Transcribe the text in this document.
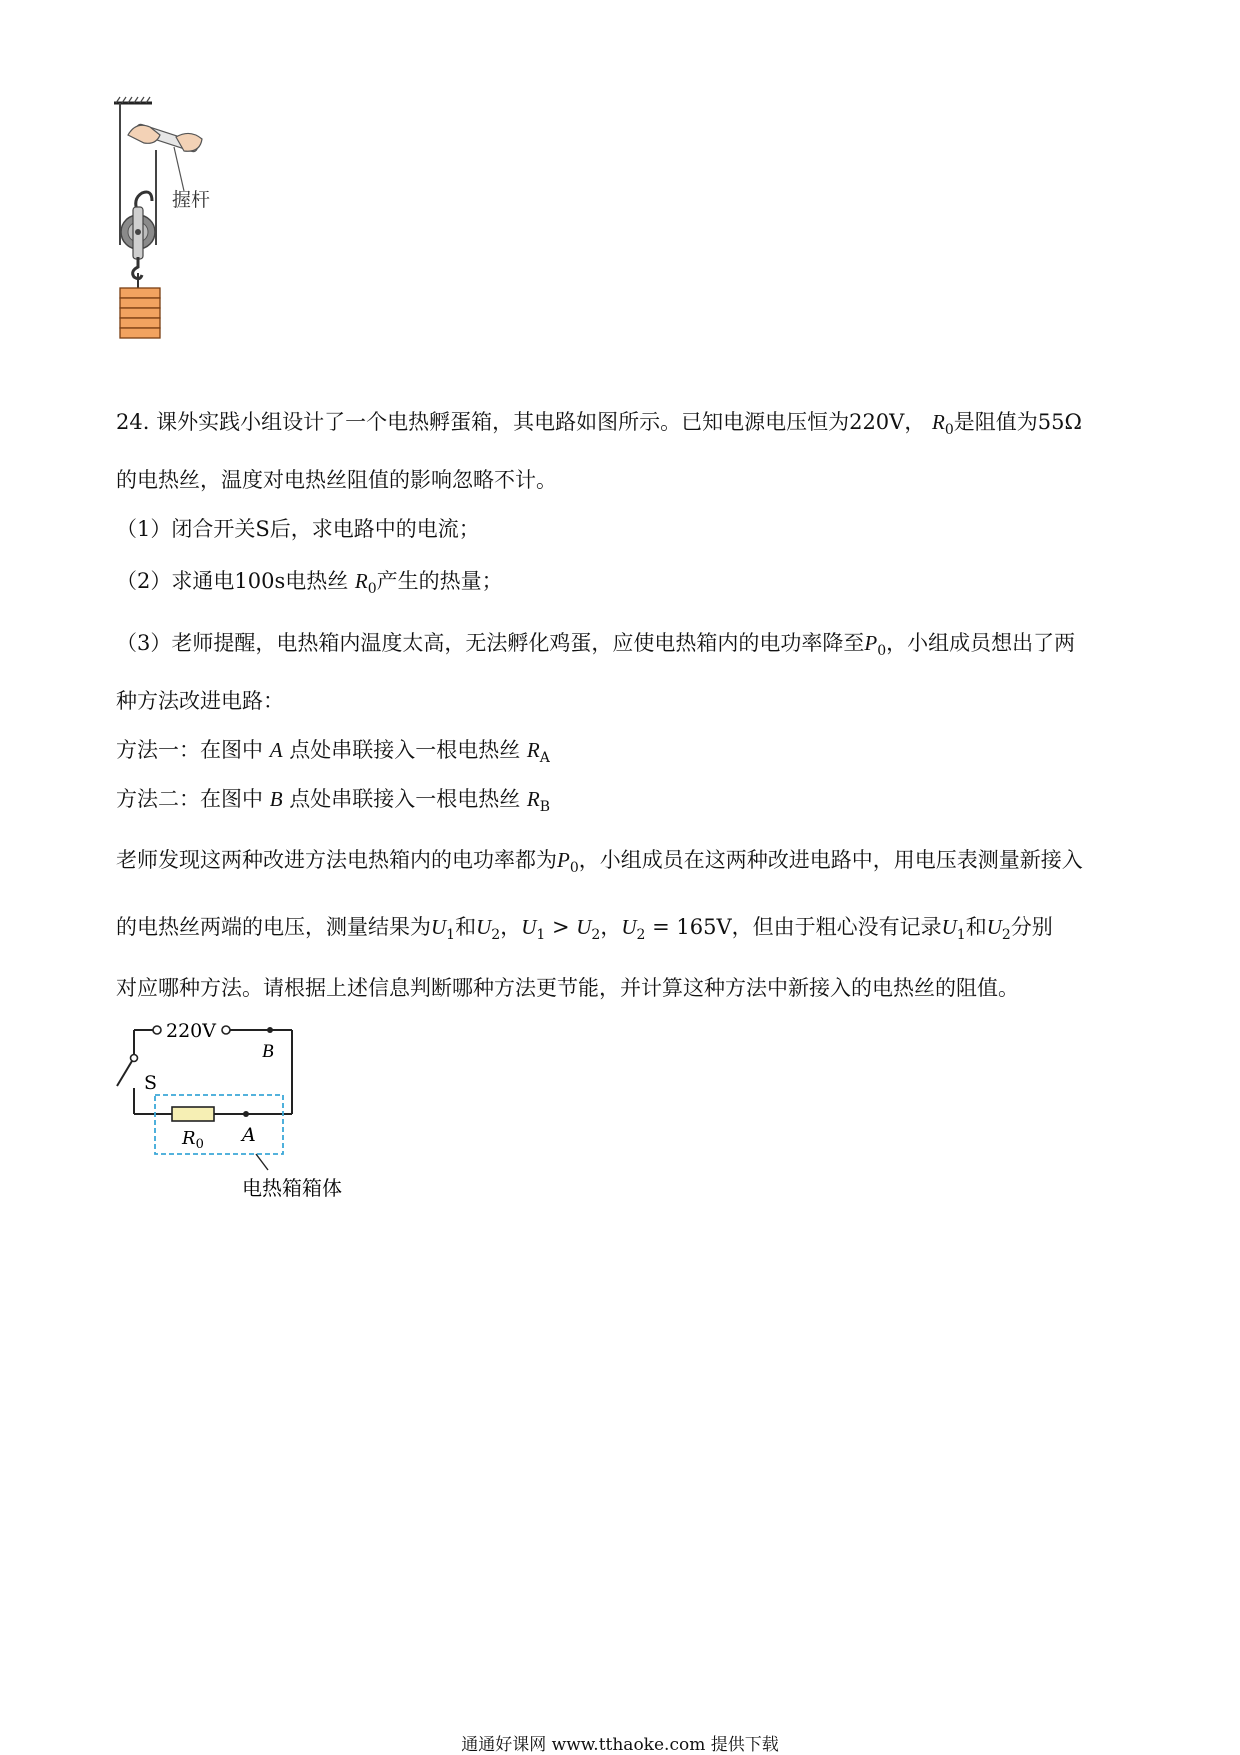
握杆
24. 课外实践小组设计了一个电热孵蛋箱，其电路如图所示。已知电源电压恒为220V， $R_0$是阻值为55Ω
的电热丝，温度对电热丝阻值的影响忽略不计。
（1）闭合开关S后，求电路中的电流；
（2）求通电100s电热丝 $R_0$产生的热量；
（3）老师提醒，电热箱内温度太高，无法孵化鸡蛋，应使电热箱内的电功率降至$P_0$，小组成员想出了两
种方法改进电路：
方法一：在图中 A 点处串联接入一根电热丝 $R_A$
方法二：在图中 B 点处串联接入一根电热丝 $R_B$
老师发现这两种改进方法电热箱内的电功率都为$P_0$，小组成员在这两种改进电路中，用电压表测量新接入
的电热丝两端的电压，测量结果为$U_1$和$U_2$，$U_1 > U_2$，$U_2 = 165V$，但由于粗心没有记录$U_1$和$U_2$分别
对应哪种方法。请根据上述信息判断哪种方法更节能，并计算这种方法中新接入的电热丝的阻值。
220V
B
S
A
$R_0$
电热箱箱体
通通好课网 www.tthaoke.com 提供下载
